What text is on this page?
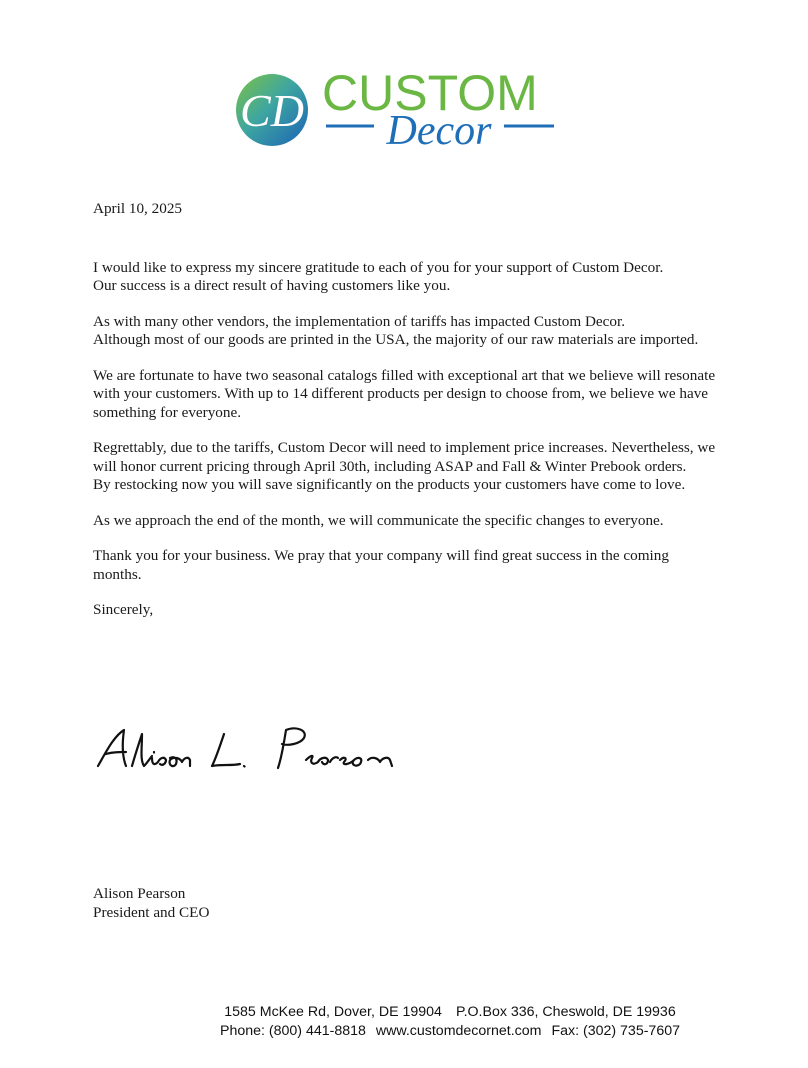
CD CUSTOM
Decor

April 10, 2025

I would like to express my sincere gratitude to each of you for your support of Custom Decor.
Our success is a direct result of having customers like you.

As with many other vendors, the implementation of tariffs has impacted Custom Decor.
Although most of our goods are printed in the USA, the majority of our raw materials are imported.

We are fortunate to have two seasonal catalogs filled with exceptional art that we believe will resonate
with your customers. With up to 14 different products per design to choose from, we believe we have
something for everyone.

Regrettably, due to the tariffs, Custom Decor will need to implement price increases. Nevertheless, we
will honor current pricing through April 30th, including ASAP and Fall & Winter Prebook orders.
By restocking now you will save significantly on the products your customers have come to love.

As we approach the end of the month, we will communicate the specific changes to everyone.

Thank you for your business. We pray that your company will find great success in the coming
months.

Sincerely,

Alison Pearson
President and CEO
1585 McKee Rd, Dover, DE 19904 P.O.Box 336, Cheswold, DE 19936
Phone: (800) 441-8818 www.customdecornet.com Fax: (302) 735-7607
